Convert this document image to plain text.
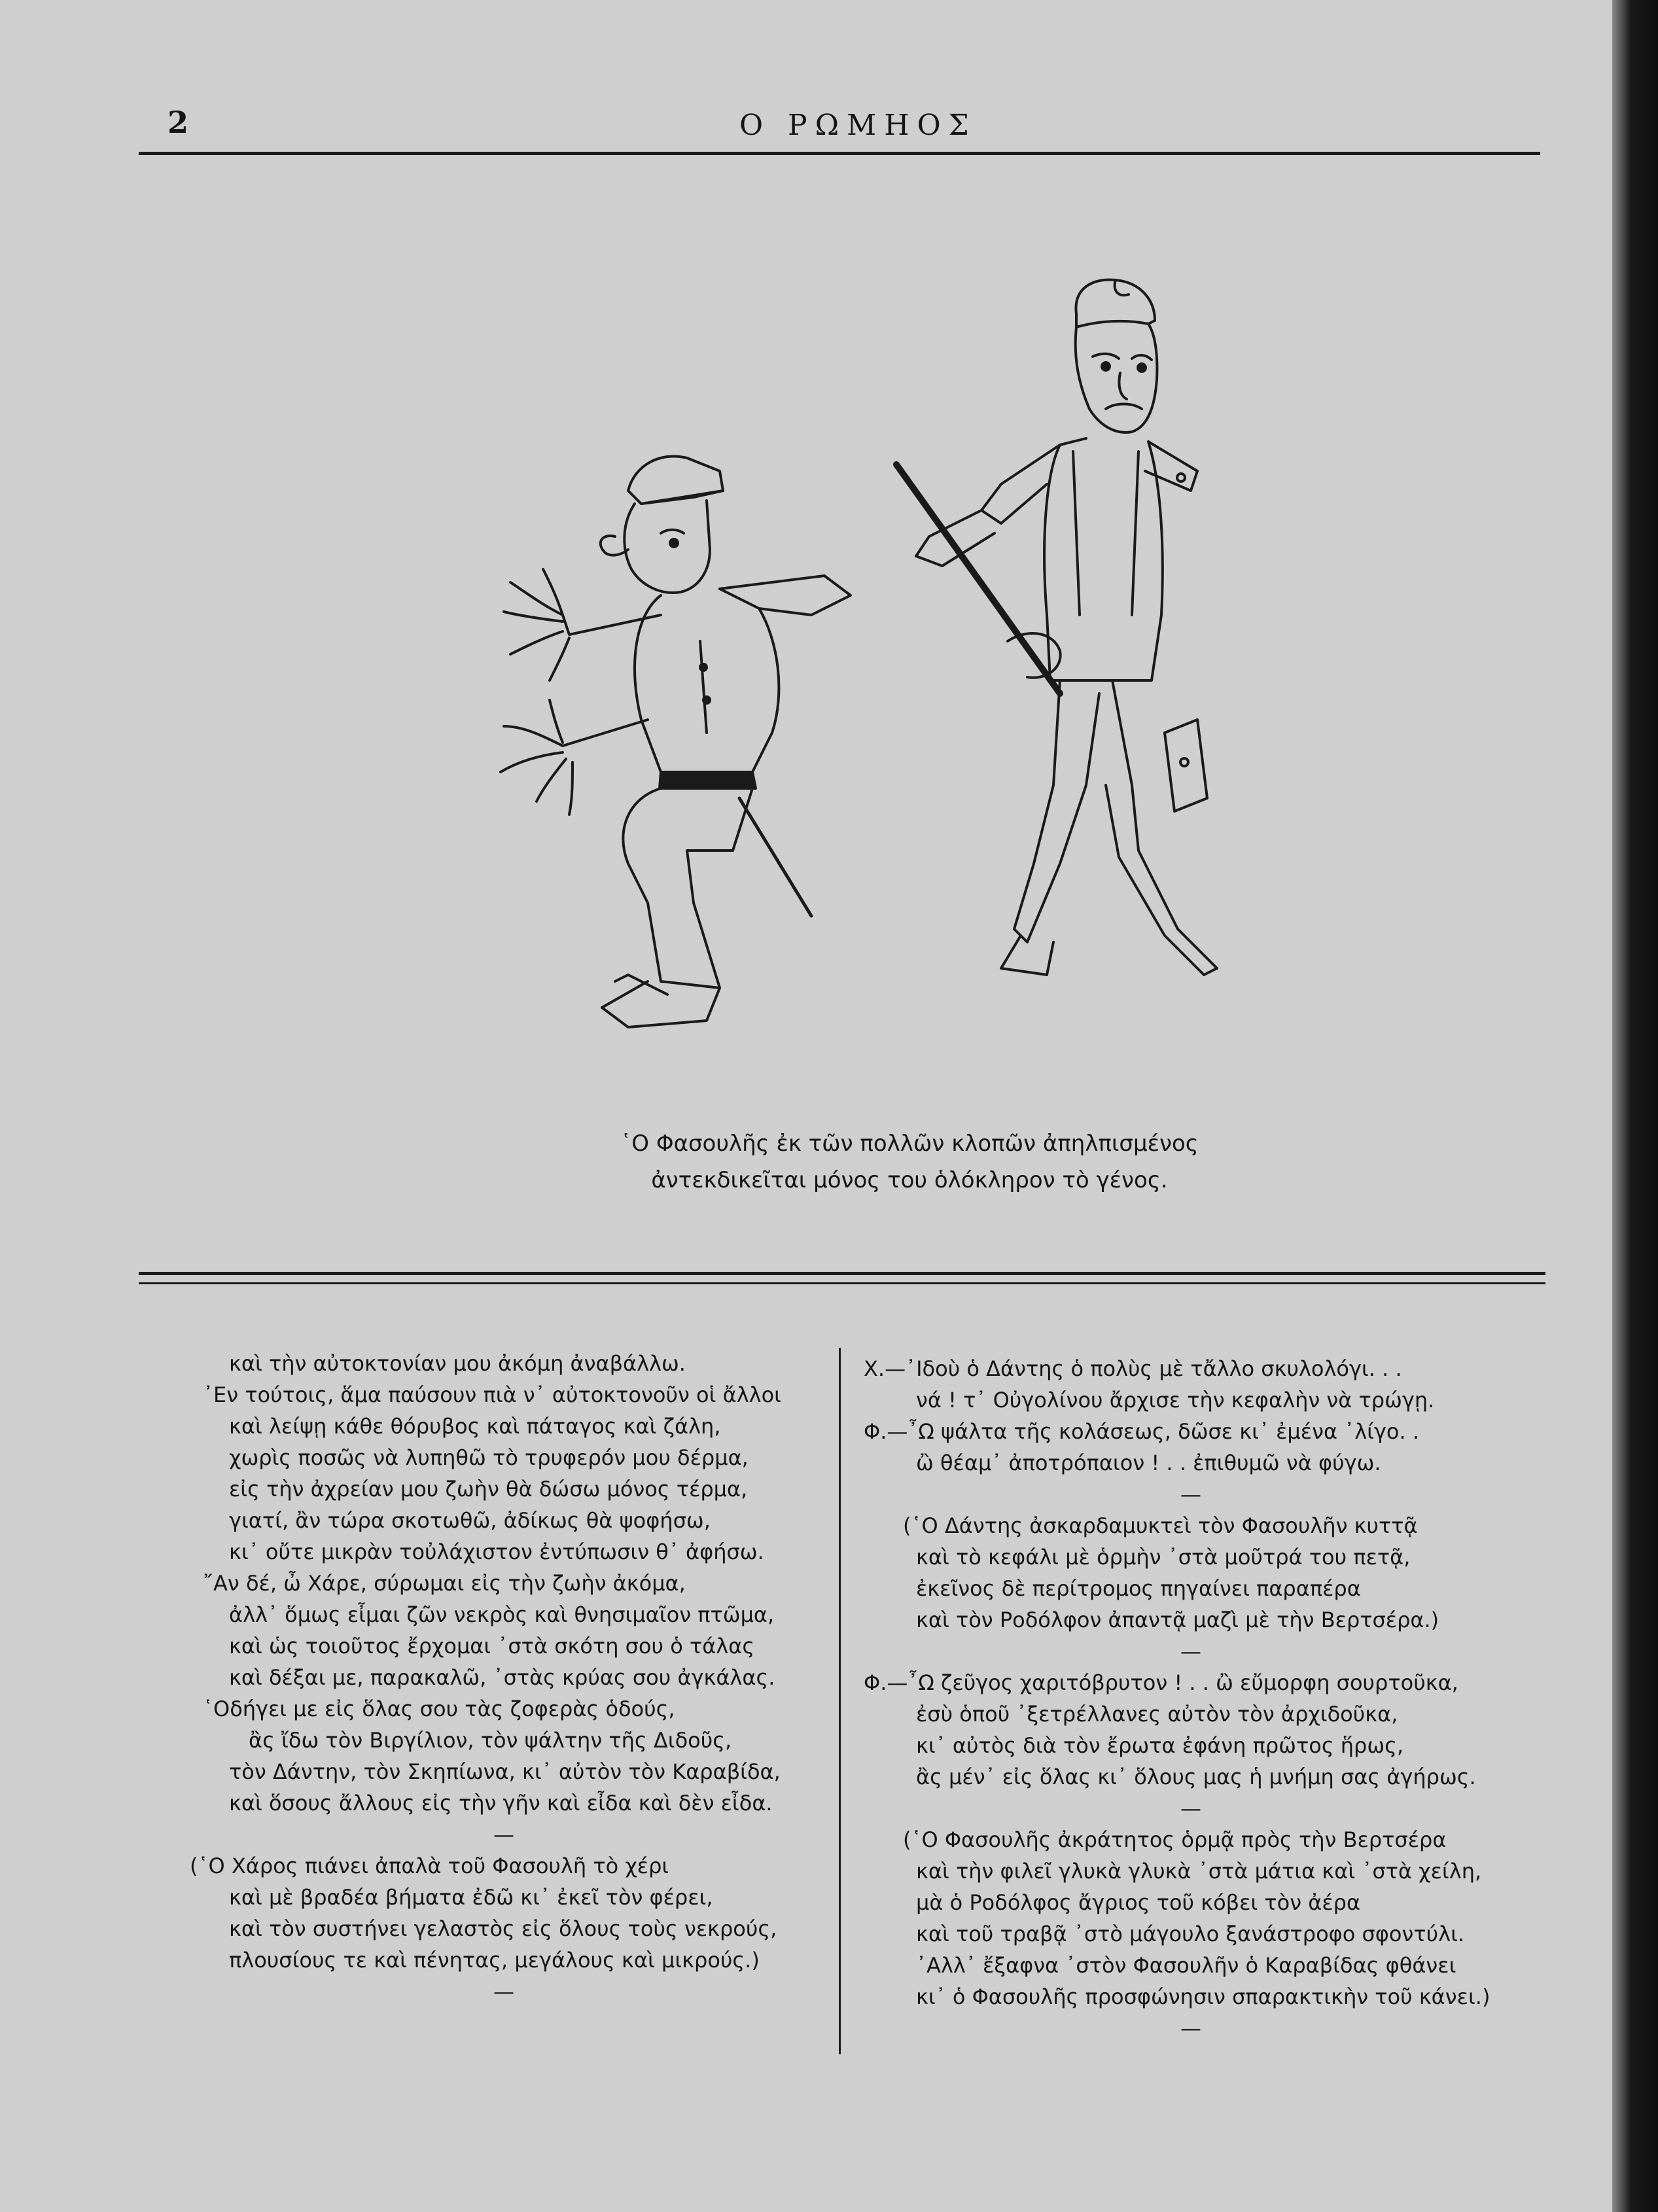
2	Ο ΡΩΜΗΟΣ
῾Ο Φασουλῆς ἐκ τῶν πολλῶν κλοπῶν ἀπηλπισμένος
ἀντεκδικεῖται μόνος του ὁλόκληρον τὸ γένος.
καὶ τὴν αὐτοκτονίαν μου ἀκόμη ἀναβάλλω.
᾿Εν τούτοις, ἅμα παύσουν πιὰ ν᾿ αὐτοκτονοῦν οἱ ἄλλοι
καὶ λείψῃ κάθε θόρυβος καὶ πάταγος καὶ ζάλη,
χωρὶς ποσῶς νὰ λυπηθῶ τὸ τρυφερόν μου δέρμα,
εἰς τὴν ἀχρείαν μου ζωὴν θὰ δώσω μόνος τέρμα,
γιατί, ἂν τώρα σκοτωθῶ, ἀδίκως θὰ ψοφήσω,
κι᾿ οὔτε μικρὰν τοὐλάχιστον ἐντύπωσιν θ᾿ ἀφήσω.
῎Αν δέ, ὦ Χάρε, σύρωμαι εἰς τὴν ζωὴν ἀκόμα,
ἀλλ᾿ ὅμως εἶμαι ζῶν νεκρὸς καὶ θνησιμαῖον πτῶμα,
καὶ ὡς τοιοῦτος ἔρχομαι ᾿στὰ σκότη σου ὁ τάλας
καὶ δέξαι με, παρακαλῶ, ᾿στὰς κρύας σου ἀγκάλας.
῾Οδήγει με εἰς ὅλας σου τὰς ζοφερὰς ὁδούς,
ἂς ἴδω τὸν Βιργίλιον, τὸν ψάλτην τῆς Διδοῦς,
τὸν Δάντην, τὸν Σκηπίωνα, κι᾿ αὐτὸν τὸν Καραβίδα,
καὶ ὅσους ἄλλους εἰς τὴν γῆν καὶ εἶδα καὶ δὲν εἶδα.
—
(῾Ο Χάρος πιάνει ἀπαλὰ τοῦ Φασουλῆ τὸ χέρι
καὶ μὲ βραδέα βήματα ἐδῶ κι᾿ ἐκεῖ τὸν φέρει,
καὶ τὸν συστήνει γελαστὸς εἰς ὅλους τοὺς νεκρούς,
πλουσίους τε καὶ πένητας, μεγάλους καὶ μικρούς.)
—
Χ.—᾿Ιδοὺ ὁ Δάντης ὁ πολὺς μὲ τἄλλο σκυλολόγι. . .
νά ! τ᾿ Οὐγολίνου ἄρχισε τὴν κεφαλὴν νὰ τρώγῃ.
Φ.—῏Ω ψάλτα τῆς κολάσεως, δῶσε κι᾿ ἐμένα ᾿λίγο. .
ὢ θέαμ᾿ ἀποτρόπαιον ! . . ἐπιθυμῶ νὰ φύγω.
—
(῾Ο Δάντης ἀσκαρδαμυκτεὶ τὸν Φασουλῆν κυττᾷ
καὶ τὸ κεφάλι μὲ ὁρμὴν ᾿στὰ μοῦτρά του πετᾷ,
ἐκεῖνος δὲ περίτρομος πηγαίνει παραπέρα
καὶ τὸν Ροδόλφον ἀπαντᾷ μαζὶ μὲ τὴν Βερτσέρα.)
—
Φ.—῏Ω ζεῦγος χαριτόβρυτον ! . . ὢ εὔμορφη σουρτοῦκα,
ἐσὺ ὁποῦ ᾿ξετρέλλανες αὐτὸν τὸν ἀρχιδοῦκα,
κι᾿ αὐτὸς διὰ τὸν ἔρωτα ἐφάνη πρῶτος ἥρως,
ἂς μέν᾿ εἰς ὅλας κι᾿ ὅλους μας ἡ μνήμη σας ἀγήρως.
—
(῾Ο Φασουλῆς ἀκράτητος ὁρμᾷ πρὸς τὴν Βερτσέρα
καὶ τὴν φιλεῖ γλυκὰ γλυκὰ ᾿στὰ μάτια καὶ ᾿στὰ χείλη,
μὰ ὁ Ροδόλφος ἄγριος τοῦ κόβει τὸν ἀέρα
καὶ τοῦ τραβᾷ ᾿στὸ μάγουλο ξανάστροφο σφοντύλι.
᾿Αλλ᾿ ἔξαφνα ᾿στὸν Φασουλῆν ὁ Καραβίδας φθάνει
κι᾿ ὁ Φασουλῆς προσφώνησιν σπαρακτικὴν τοῦ κάνει.)
—
